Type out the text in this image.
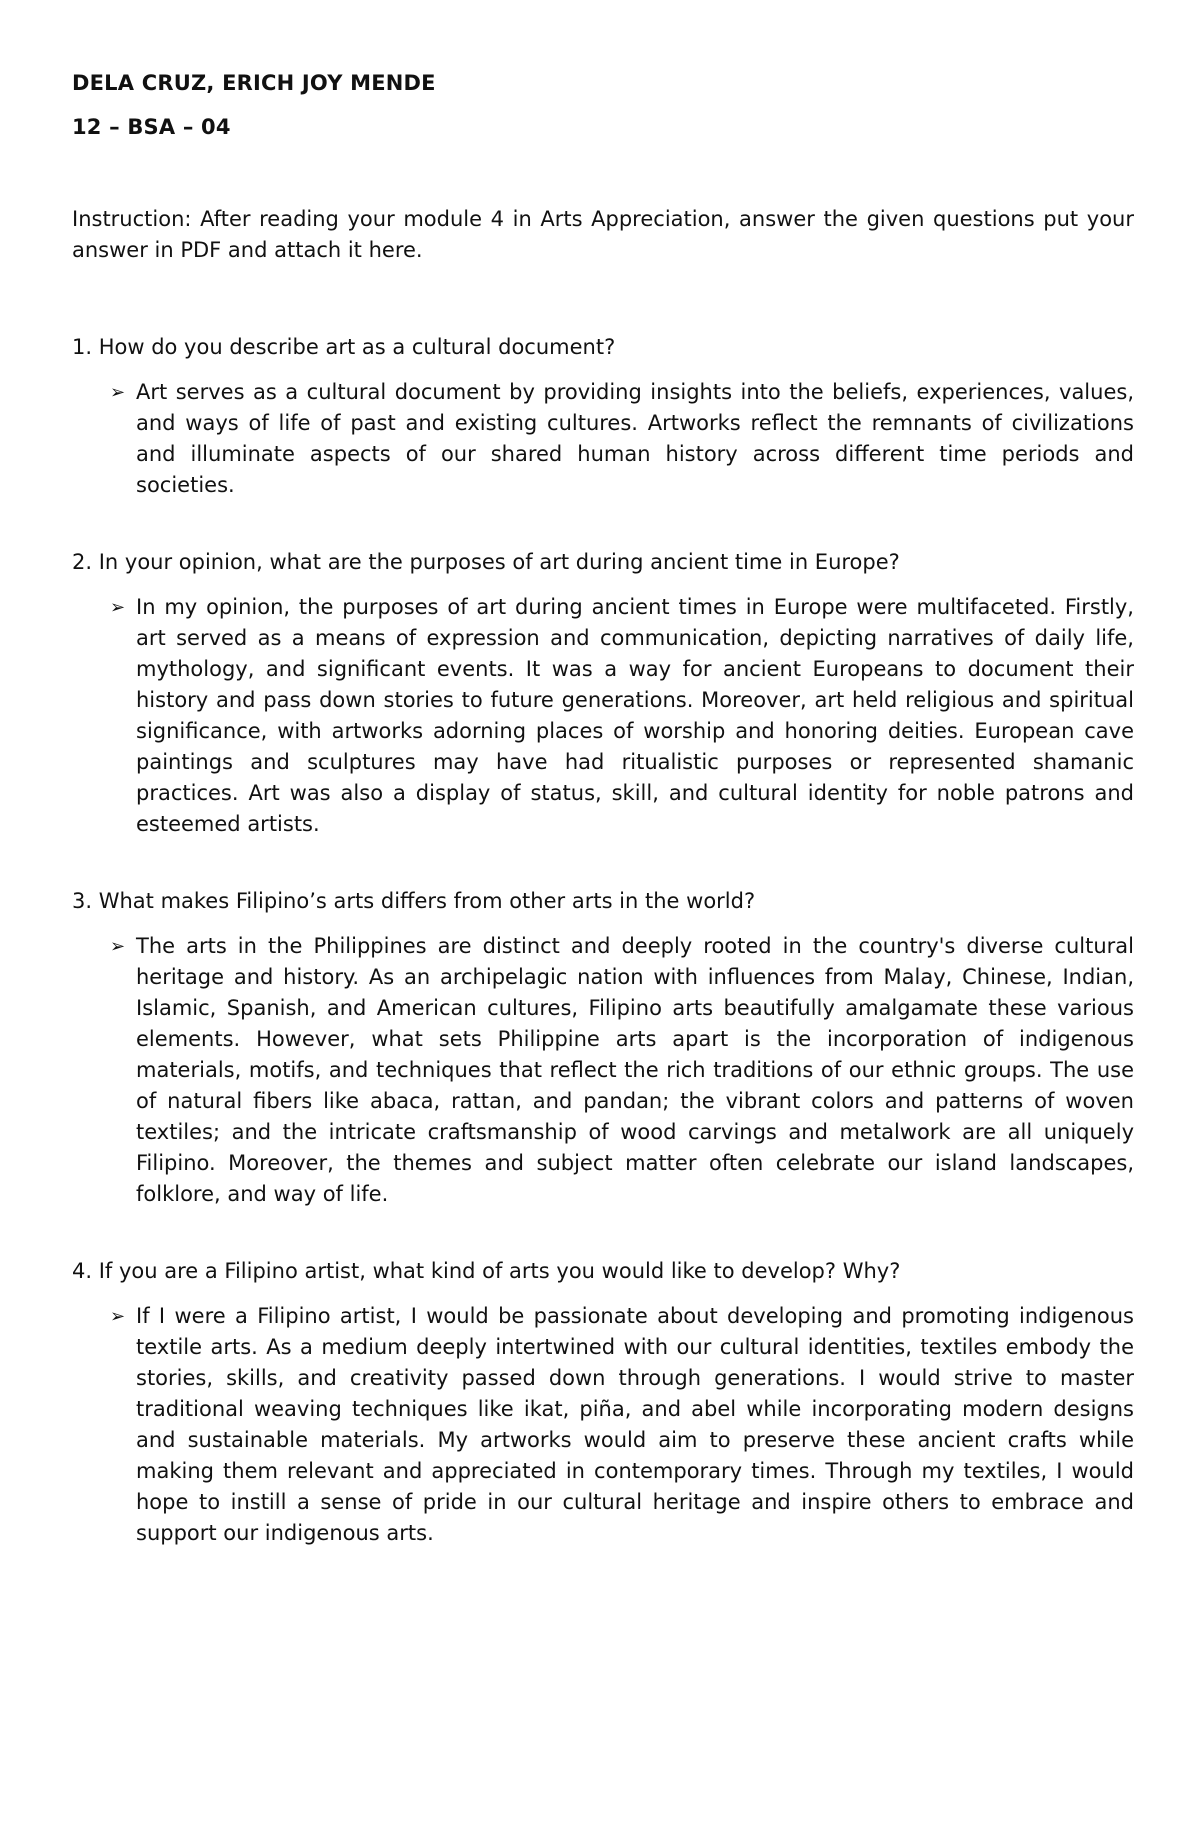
DELA CRUZ, ERICH JOY MENDE

12 – BSA – 04

Instruction: After reading your module 4 in Arts Appreciation, answer the given questions put your answer in PDF and attach it here.

1. How do you describe art as a cultural document?

➢ Art serves as a cultural document by providing insights into the beliefs, experiences, values, and ways of life of past and existing cultures. Artworks reflect the remnants of civilizations and illuminate aspects of our shared human history across different time periods and societies.

2. In your opinion, what are the purposes of art during ancient time in Europe?

➢ In my opinion, the purposes of art during ancient times in Europe were multifaceted. Firstly, art served as a means of expression and communication, depicting narratives of daily life, mythology, and significant events. It was a way for ancient Europeans to document their history and pass down stories to future generations. Moreover, art held religious and spiritual significance, with artworks adorning places of worship and honoring deities. European cave paintings and sculptures may have had ritualistic purposes or represented shamanic practices. Art was also a display of status, skill, and cultural identity for noble patrons and esteemed artists.

3. What makes Filipino’s arts differs from other arts in the world?

➢ The arts in the Philippines are distinct and deeply rooted in the country's diverse cultural heritage and history. As an archipelagic nation with influences from Malay, Chinese, Indian, Islamic, Spanish, and American cultures, Filipino arts beautifully amalgamate these various elements. However, what sets Philippine arts apart is the incorporation of indigenous materials, motifs, and techniques that reflect the rich traditions of our ethnic groups. The use of natural fibers like abaca, rattan, and pandan; the vibrant colors and patterns of woven textiles; and the intricate craftsmanship of wood carvings and metalwork are all uniquely Filipino. Moreover, the themes and subject matter often celebrate our island landscapes, folklore, and way of life.

4. If you are a Filipino artist, what kind of arts you would like to develop? Why?

➢ If I were a Filipino artist, I would be passionate about developing and promoting indigenous textile arts. As a medium deeply intertwined with our cultural identities, textiles embody the stories, skills, and creativity passed down through generations. I would strive to master traditional weaving techniques like ikat, piña, and abel while incorporating modern designs and sustainable materials. My artworks would aim to preserve these ancient crafts while making them relevant and appreciated in contemporary times. Through my textiles, I would hope to instill a sense of pride in our cultural heritage and inspire others to embrace and support our indigenous arts.
